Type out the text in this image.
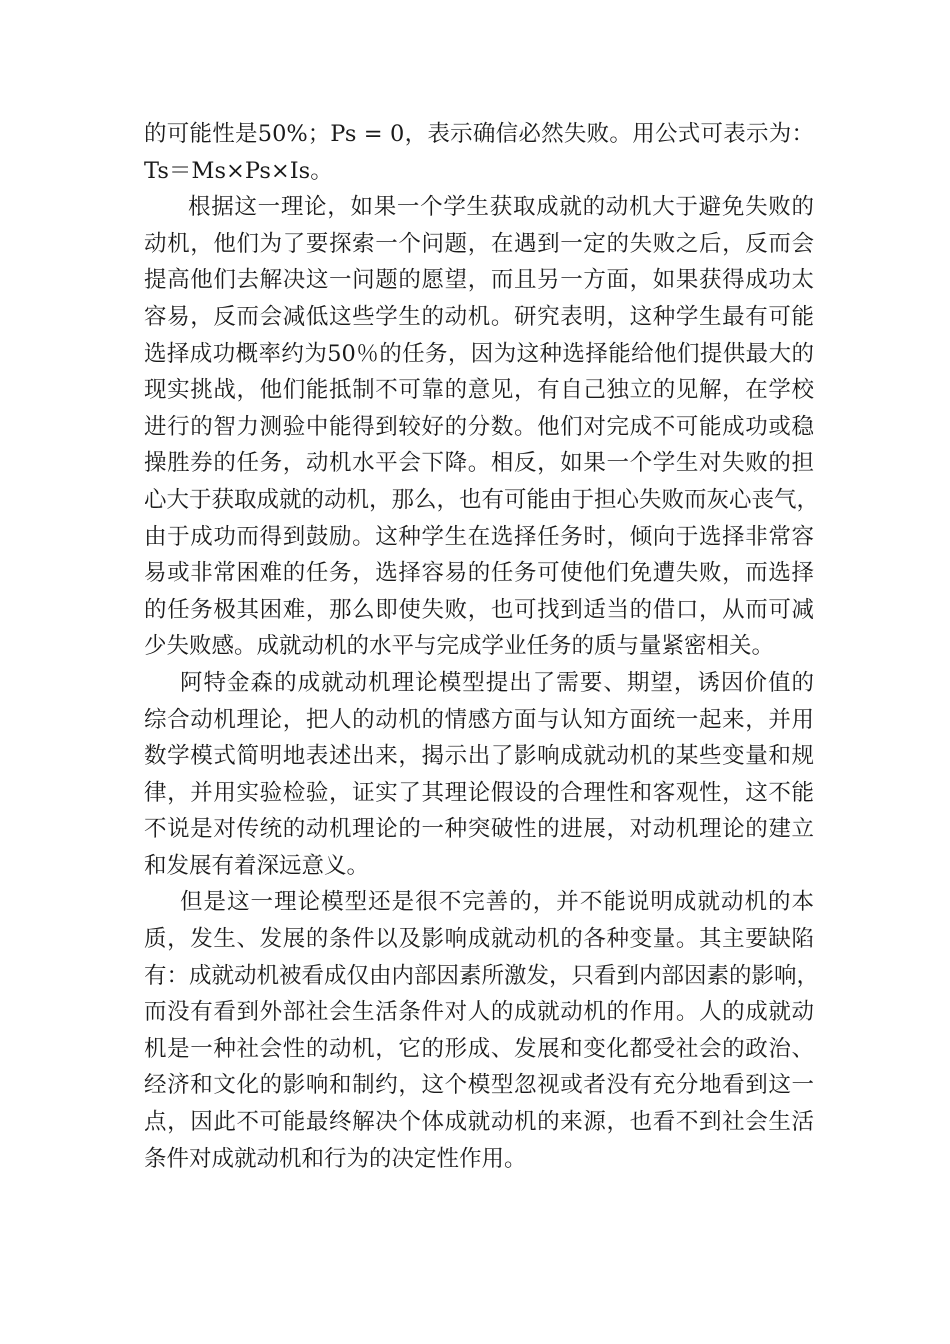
的可能性是50%；Ps = 0，表示确信必然失败。用公式可表示为：
Ts＝Ms×Ps×Is。
根据这一理论，如果一个学生获取成就的动机大于避免失败的
动机，他们为了要探索一个问题，在遇到一定的失败之后，反而会
提高他们去解决这一问题的愿望，而且另一方面，如果获得成功太
容易，反而会减低这些学生的动机。研究表明，这种学生最有可能
选择成功概率约为50％的任务，因为这种选择能给他们提供最大的
现实挑战，他们能抵制不可靠的意见，有自己独立的见解，在学校
进行的智力测验中能得到较好的分数。他们对完成不可能成功或稳
操胜券的任务，动机水平会下降。相反，如果一个学生对失败的担
心大于获取成就的动机，那么，也有可能由于担心失败而灰心丧气，
由于成功而得到鼓励。这种学生在选择任务时，倾向于选择非常容
易或非常困难的任务，选择容易的任务可使他们免遭失败，而选择
的任务极其困难，那么即使失败，也可找到适当的借口，从而可减
少失败感。成就动机的水平与完成学业任务的质与量紧密相关。
阿特金森的成就动机理论模型提出了需要、期望，诱因价值的
综合动机理论，把人的动机的情感方面与认知方面统一起来，并用
数学模式简明地表述出来，揭示出了影响成就动机的某些变量和规
律，并用实验检验，证实了其理论假设的合理性和客观性，这不能
不说是对传统的动机理论的一种突破性的进展，对动机理论的建立
和发展有着深远意义。
但是这一理论模型还是很不完善的，并不能说明成就动机的本
质，发生、发展的条件以及影响成就动机的各种变量。其主要缺陷
有：成就动机被看成仅由内部因素所激发，只看到内部因素的影响，
而没有看到外部社会生活条件对人的成就动机的作用。人的成就动
机是一种社会性的动机，它的形成、发展和变化都受社会的政治、
经济和文化的影响和制约，这个模型忽视或者没有充分地看到这一
点，因此不可能最终解决个体成就动机的来源，也看不到社会生活
条件对成就动机和行为的决定性作用。
